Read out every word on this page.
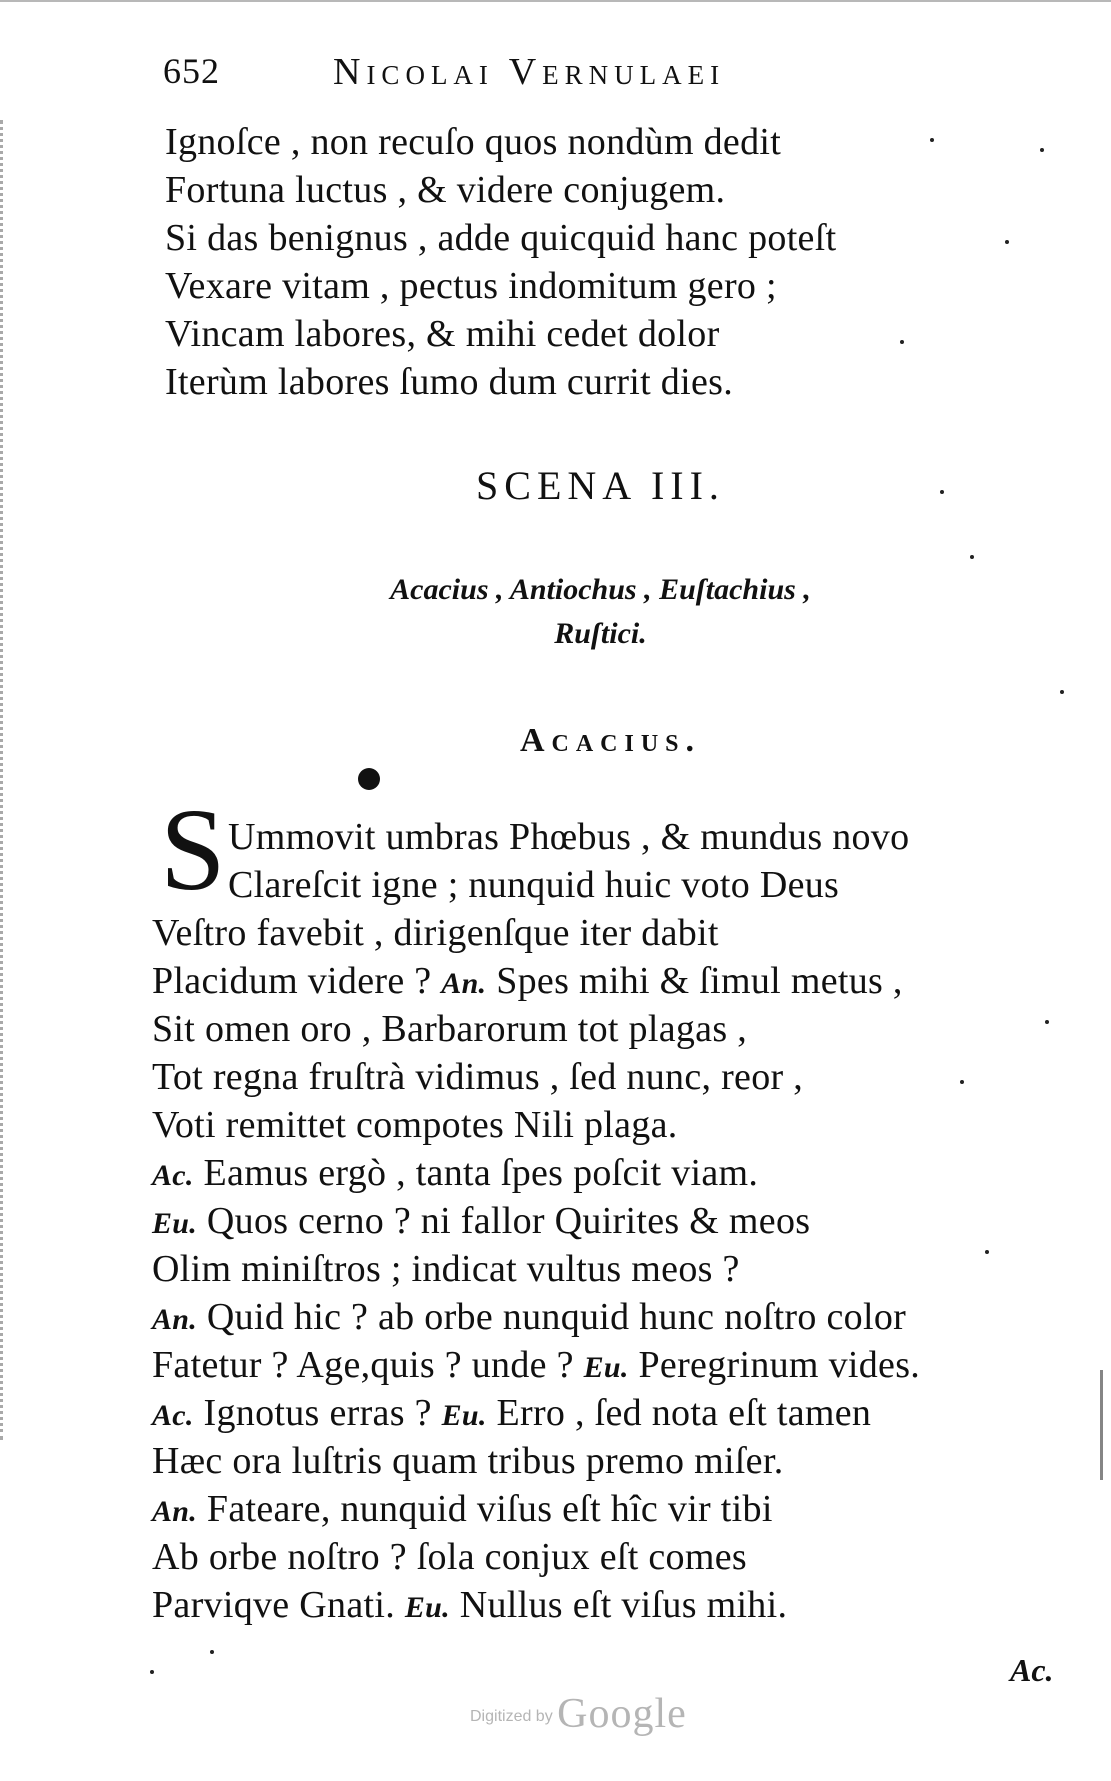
652	Nicolai Vernulaei
Ignoſce , non recuſo quos nondùm dedit
Fortuna luctus , & videre conjugem.
Si das benignus , adde quicquid hanc poteſt
Vexare vitam , pectus indomitum gero ;
Vincam labores, & mihi cedet dolor
Iterùm labores ſumo dum currit dies.
SCENA III.
Acacius , Antiochus , Euſtachius ,
Ruſtici.
Acacius.
S Ummovit umbras Phœbus , & mundus novo
Clareſcit igne ; nunquid huic voto Deus
Veſtro favebit , dirigenſque iter dabit
Placidum videre ? An. Spes mihi & ſimul metus ,
Sit omen oro , Barbarorum tot plagas ,
Tot regna fruſtrà vidimus , ſed nunc, reor ,
Voti remittet compotes Nili plaga.
Ac. Eamus ergò , tanta ſpes poſcit viam.
Eu. Quos cerno ? ni fallor Quirites & meos
Olim miniſtros ; indicat vultus meos ?
An. Quid hic ? ab orbe nunquid hunc noſtro color
Fatetur ? Age,quis ? unde ? Eu. Peregrinum vides.
Ac. Ignotus erras ? Eu. Erro , ſed nota eſt tamen
Hæc ora luſtris quam tribus premo miſer.
An. Fateare, nunquid viſus eſt hîc vir tibi
Ab orbe noſtro ? ſola conjux eſt comes
Parviqve Gnati. Eu. Nullus eſt viſus mihi.
Ac.
Digitized by Google
